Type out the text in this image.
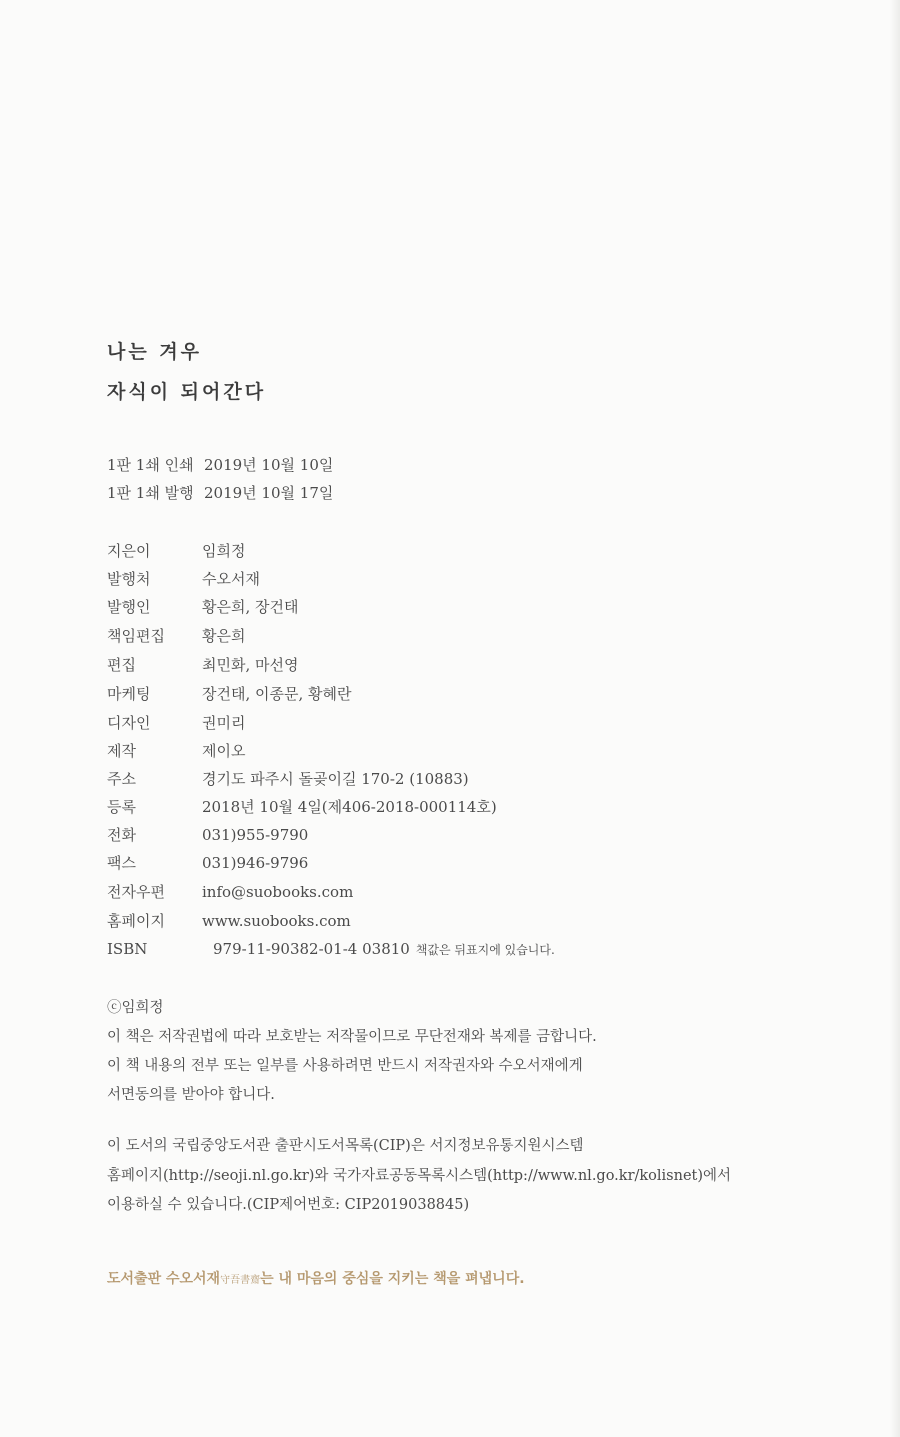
나는 겨우
자식이 되어간다
1판 1쇄 인쇄 2019년 10월 10일
1판 1쇄 발행 2019년 10월 17일
지은이	임희정
발행처	수오서재
발행인	황은희, 장건태
책임편집 황은희
편집	최민화, 마선영
마케팅	장건태, 이종문, 황혜란
디자인	권미리
제작	제이오
주소	경기도 파주시 돌곶이길 170-2 (10883)
등록	2018년 10월 4일(제406-2018-000114호)
전화	031)955-9790
팩스	031)946-9796
전자우편 info@suobooks.com
홈페이지 www.suobooks.com
ISBN	979-11-90382-01-4 03810 책값은 뒤표지에 있습니다.

ⓒ임희정

이 책은 저작권법에 따라 보호받는 저작물이므로 무단전재와 복제를 금합니다.

이 책 내용의 전부 또는 일부를 사용하려면 반드시 저작권자와 수오서재에게

서면동의를 받아야 합니다.

이 도서의 국립중앙도서관 출판시도서목록(CIP)은 서지정보유통지원시스템

홈페이지(http://seoji.nl.go.kr)와 국가자료공동목록시스템(http://www.nl.go.kr/kolisnet)에서

이용하실 수 있습니다.(CIP제어번호: CIP2019038845)

도서출판 수오서재守吾書齋는 내 마음의 중심을 지키는 책을 펴냅니다.
